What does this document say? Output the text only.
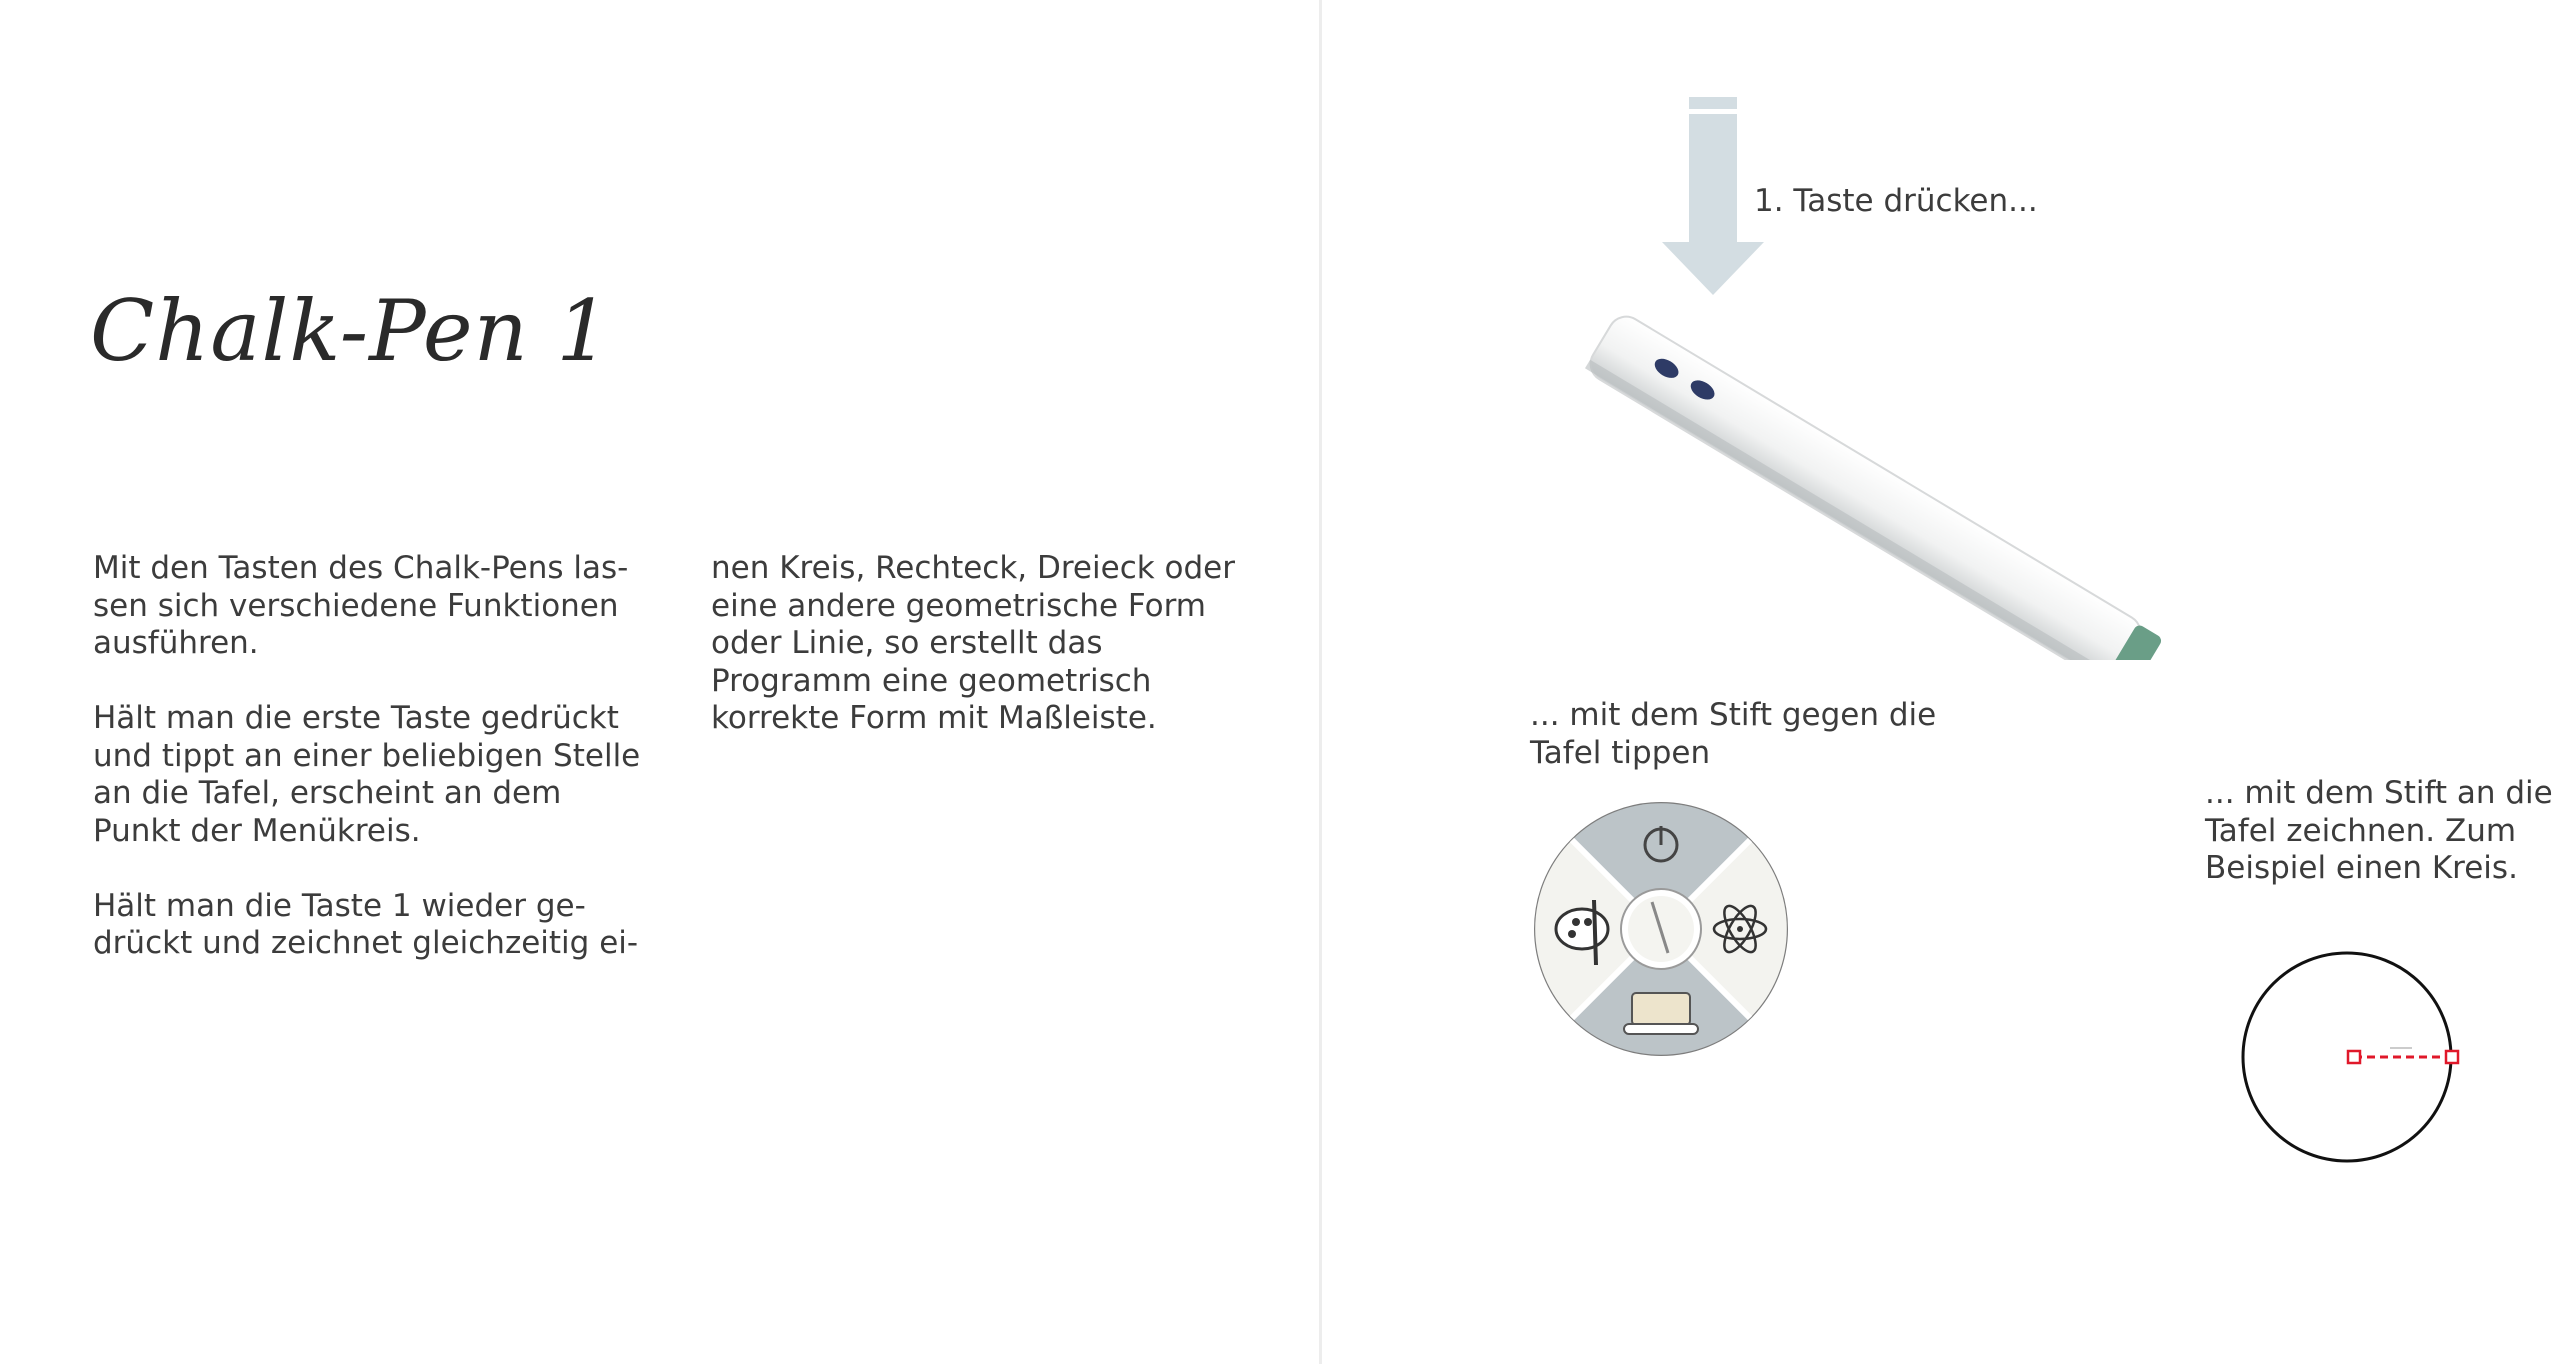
Chalk-Pen 1

Mit den Tasten des Chalk-Pens las- sen sich verschiedene Funktionen ausführen.

Hält man die erste Taste gedrückt und tippt an einer beliebigen Stelle an die Tafel, erscheint an dem Punkt der Menükreis.

Hält man die Taste 1 wieder ge- drückt und zeichnet gleichzeitig ei-

nen Kreis, Rechteck, Dreieck oder eine andere geometrische Form oder Linie, so erstellt das Programm eine geometrisch korrekte Form mit Maßleiste.

1. Taste drücken...
... mit dem Stift gegen die Tafel tippen
... mit dem Stift an die Tafel zeichnen. Zum Beispiel einen Kreis.
